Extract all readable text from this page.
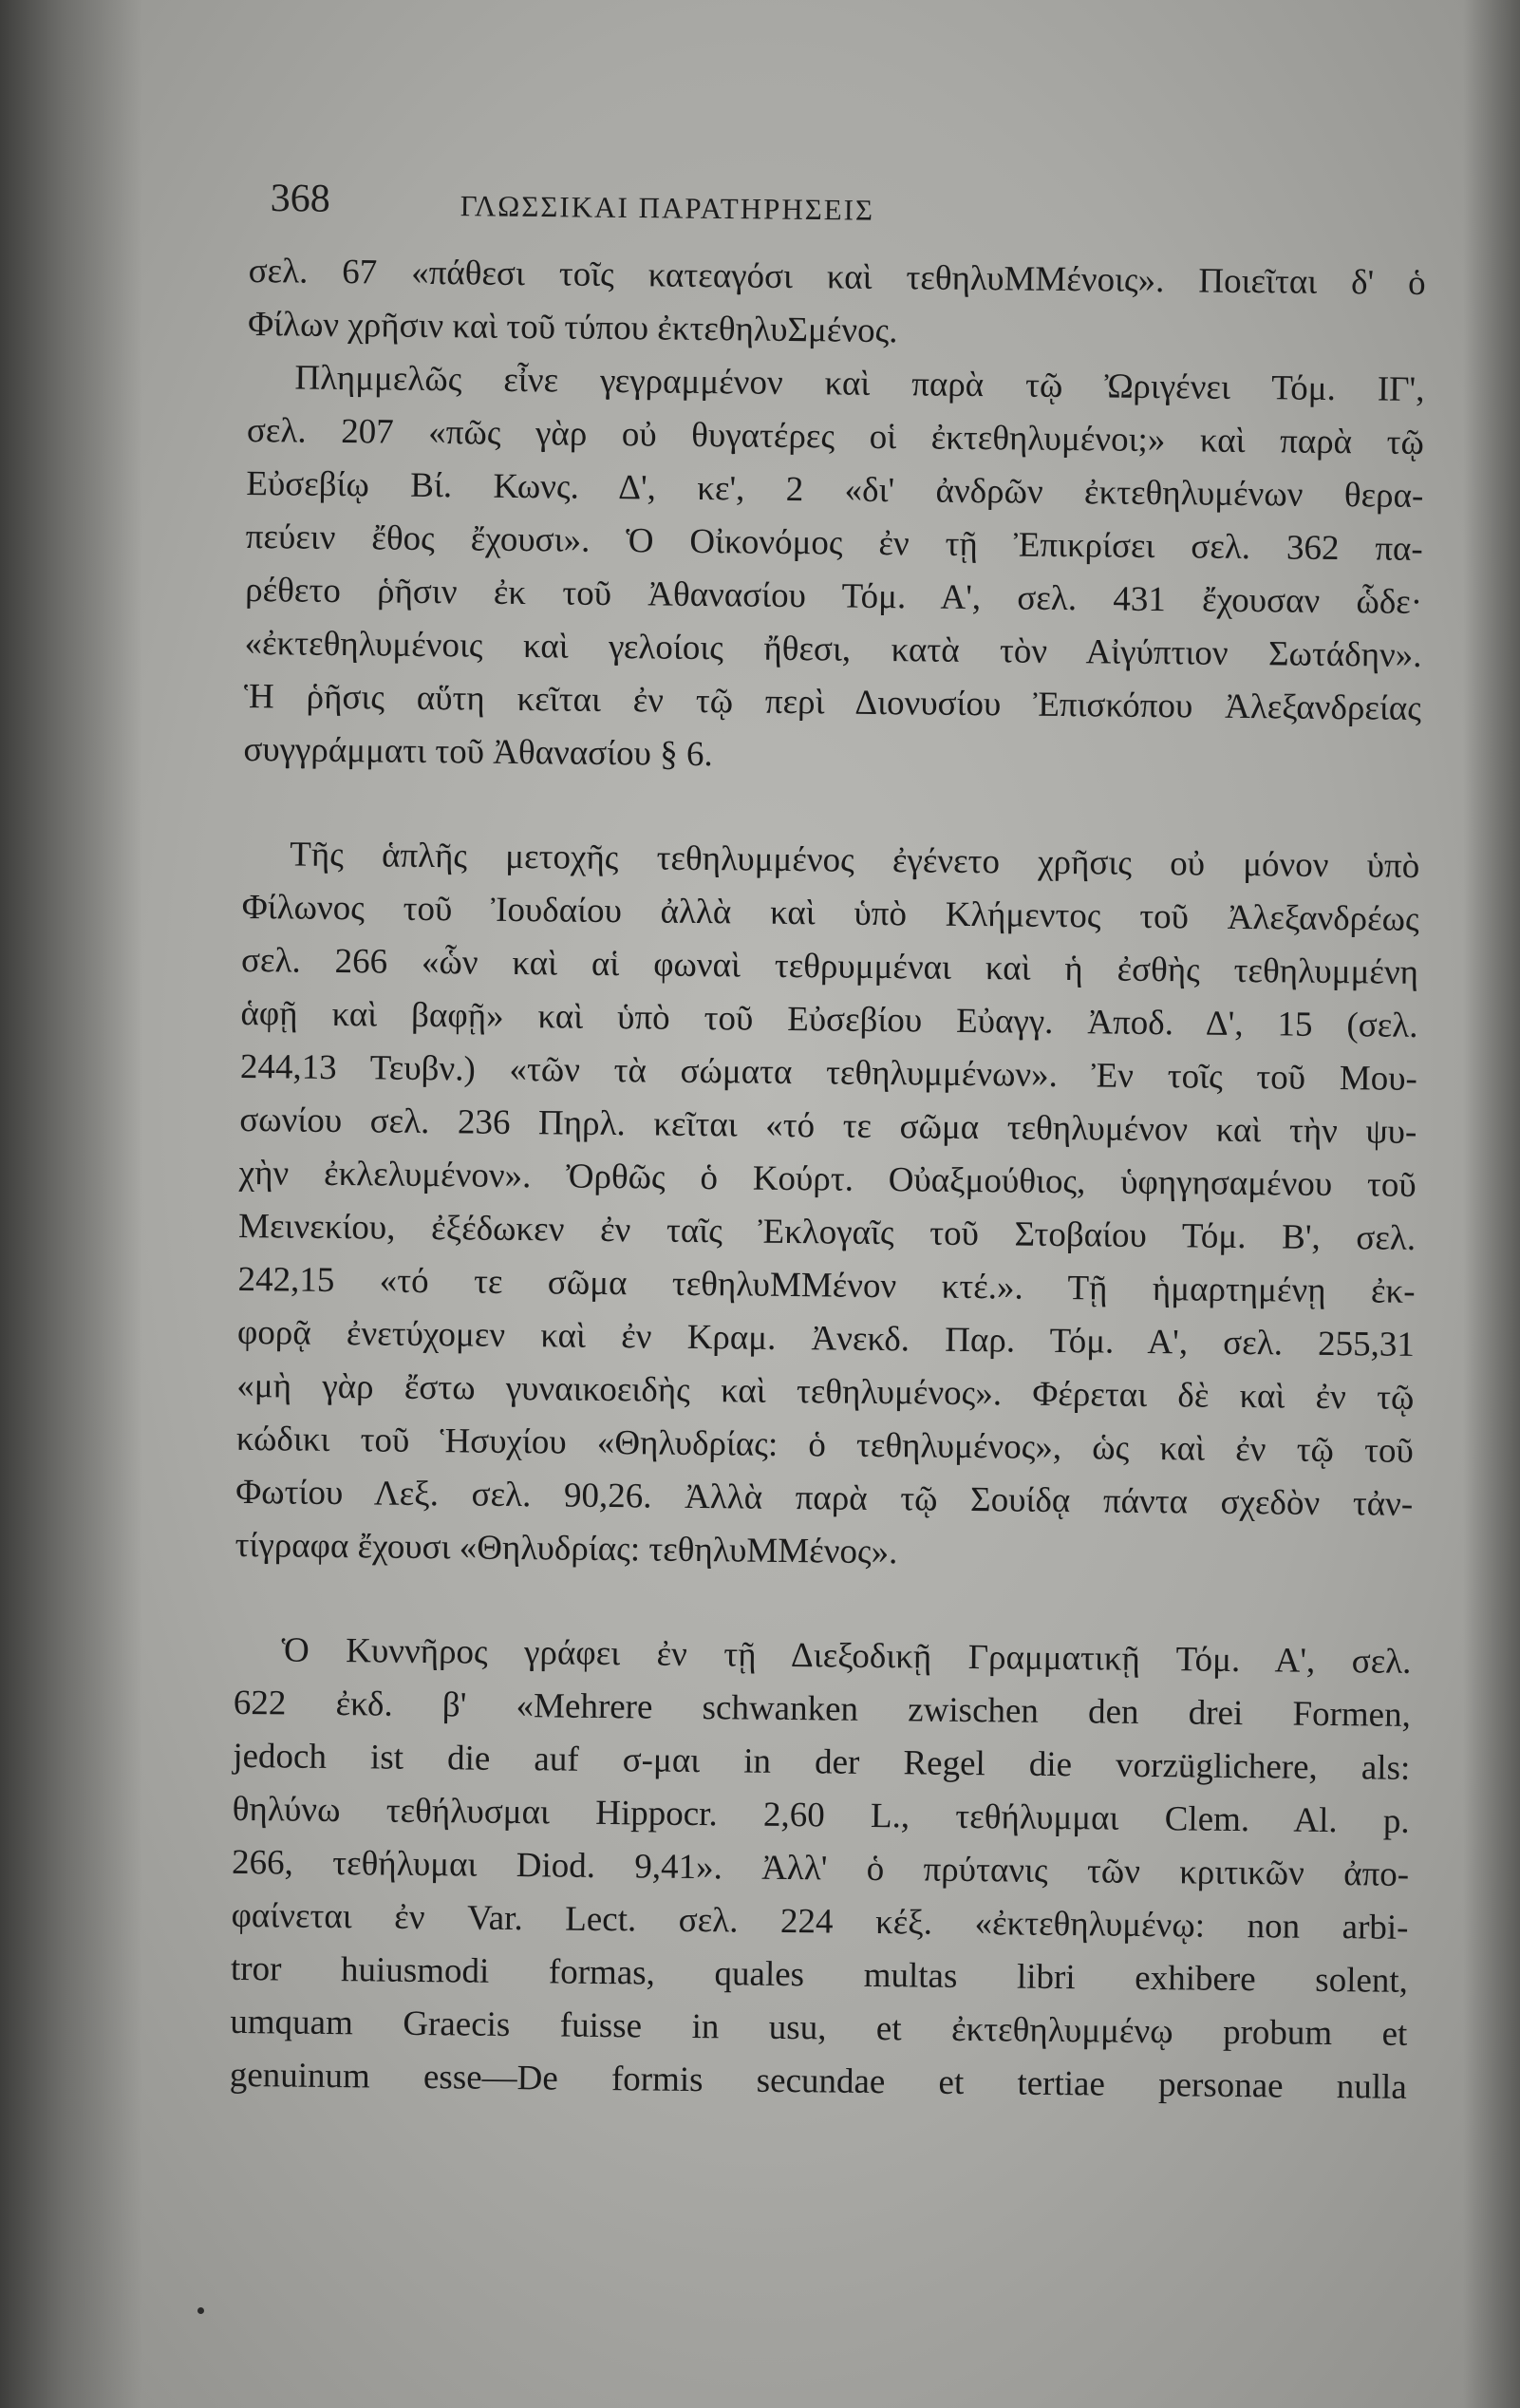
368	ΓΛΩΣΣΙΚΑΙ ΠΑΡΑΤΗΡΗΣΕΙΣ
σελ. 67 «πάθεσι τοῖς κατεαγόσι καὶ τεθηλυΜΜένοις». Ποιεῖται δ' ὁ
Φίλων χρῆσιν καὶ τοῦ τύπου ἐκτεθηλυΣμένος.
Πλημμελῶς εἶνε γεγραμμένον καὶ παρὰ τῷ Ὠριγένει Τόμ. ΙΓ',
σελ. 207 «πῶς γὰρ οὐ θυγατέρες οἱ ἐκτεθηλυμένοι;» καὶ παρὰ τῷ
Εὐσεβίῳ Βί. Κωνς. Δ', κε', 2 «δι' ἀνδρῶν ἐκτεθηλυμένων θερα-
πεύειν ἔθος ἔχουσι». Ὁ Οἰκονόμος ἐν τῇ Ἐπικρίσει σελ. 362 πα-
ρέθετο ῥῆσιν ἐκ τοῦ Ἀθανασίου Τόμ. Α', σελ. 431 ἔχουσαν ὧδε·
«ἐκτεθηλυμένοις καὶ γελοίοις ἤθεσι, κατὰ τὸν Αἰγύπτιον Σωτάδην».
Ἡ ῥῆσις αὕτη κεῖται ἐν τῷ περὶ Διονυσίου Ἐπισκόπου Ἀλεξανδρείας
συγγράμματι τοῦ Ἀθανασίου § 6.
Τῆς ἁπλῆς μετοχῆς τεθηλυμμένος ἐγένετο χρῆσις οὐ μόνον ὑπὸ
Φίλωνος τοῦ Ἰουδαίου ἀλλὰ καὶ ὑπὸ Κλήμεντος τοῦ Ἀλεξανδρέως
σελ. 266 «ὧν καὶ αἱ φωναὶ τεθρυμμέναι καὶ ἡ ἐσθὴς τεθηλυμμένη
ἁφῇ καὶ βαφῇ» καὶ ὑπὸ τοῦ Εὐσεβίου Εὐαγγ. Ἀποδ. Δ', 15 (σελ.
244,13 Τευβν.) «τῶν τὰ σώματα τεθηλυμμένων». Ἐν τοῖς τοῦ Μου-
σωνίου σελ. 236 Πηρλ. κεῖται «τό τε σῶμα τεθηλυμένον καὶ τὴν ψυ-
χὴν ἐκλελυμένον». Ὀρθῶς ὁ Κούρτ. Οὐαξμούθιος, ὑφηγησαμένου τοῦ
Μεινεκίου, ἐξέδωκεν ἐν ταῖς Ἐκλογαῖς τοῦ Στοβαίου Τόμ. Β', σελ.
242,15 «τό τε σῶμα τεθηλυΜΜένον κτέ.». Τῇ ἡμαρτημένῃ ἐκ-
φορᾷ ἐνετύχομεν καὶ ἐν Κραμ. Ἀνεκδ. Παρ. Τόμ. Α', σελ. 255,31
«μὴ γὰρ ἔστω γυναικοειδὴς καὶ τεθηλυμένος». Φέρεται δὲ καὶ ἐν τῷ
κώδικι τοῦ Ἡσυχίου «Θηλυδρίας: ὁ τεθηλυμένος», ὡς καὶ ἐν τῷ τοῦ
Φωτίου Λεξ. σελ. 90,26. Ἀλλὰ παρὰ τῷ Σουίδᾳ πάντα σχεδὸν τἀν-
τίγραφα ἔχουσι «Θηλυδρίας: τεθηλυΜΜένος».
Ὁ Κυννῆρος γράφει ἐν τῇ Διεξοδικῇ Γραμματικῇ Τόμ. Α', σελ.
622 ἐκδ. β' «Mehrere schwanken zwischen den drei Formen,
jedoch ist die auf σ-μαι in der Regel die vorzüglichere, als:
θηλύνω τεθήλυσμαι Hippocr. 2,60 L., τεθήλυμμαι Clem. Al. p.
266, τεθήλυμαι Diod. 9,41». Ἀλλ' ὁ πρύτανις τῶν κριτικῶν ἀπο-
φαίνεται ἐν Var. Lect. σελ. 224 κέξ. «ἐκτεθηλυμένῳ: non arbi-
tror huiusmodi formas, quales multas libri exhibere solent,
umquam Graecis fuisse in usu, et ἐκτεθηλυμμένῳ probum et
genuinum esse—De formis secundae et tertiae personae nulla
